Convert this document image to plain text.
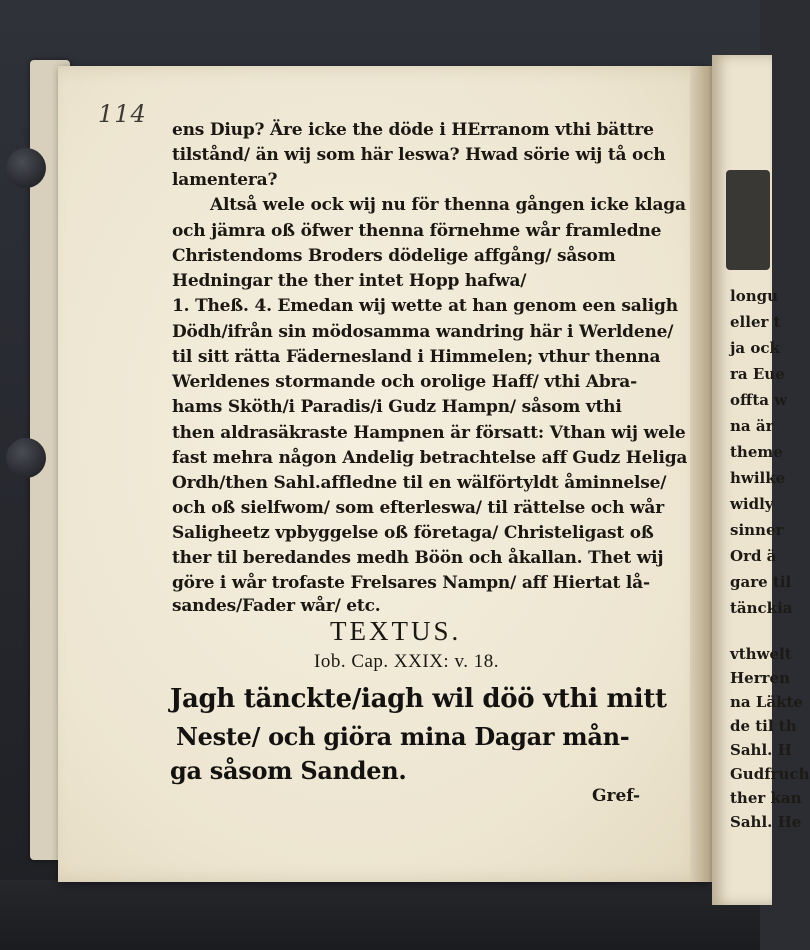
longu
eller t
ja ock
ra Eue
offta w
na är
theme
hwilke
widly
sinner
Ord ä
gare til
tänckia
vthwelt
Herren
na Läkte
de til th
Sahl. H
Gudfruch
ther kan
Sahl. He
114
ens Diup? Äre icke the döde i HErranom vthi bättre
tilstånd/ än wij som här leswa? Hwad sörie wij tå och
lamentera?
Altså wele ock wij nu för thenna gången icke klaga
och jämra oß öfwer thenna förnehme wår framledne
Christendoms Broders dödelige affgång/ såsom
Hedningar the ther intet Hopp hafwa/
1. Theß. 4. Emedan wij wette at han genom een saligh
Dödh/ifrån sin mödosamma wandring här i Werldene/
til sitt rätta Fädernesland i Himmelen; vthur thenna
Werldenes stormande och orolige Haff/ vthi Abra-
hams Sköth/i Paradis/i Gudz Hampn/ såsom vthi
then aldrasäkraste Hampnen är försatt: Vthan wij wele
fast mehra någon Andelig betrachtelse aff Gudz Heliga
Ordh/then Sahl.affledne til en wälförtyldt åminnelse/
och oß sielfwom/ som efterleswa/ til rättelse och wår
Saligheetz vpbyggelse oß företaga/ Christeligast oß
ther til beredandes medh Böön och åkallan. Thet wij
göre i wår trofaste Frelsares Nampn/ aff Hiertat lå-
sandes/Fader wår/ etc.
TEXTUS.
Iob. Cap. XXIX: v. 18.
Jagh tänckte/iagh wil döö vthi mitt
Neste/ och giöra mina Dagar mån-
ga såsom Sanden.
Gref-
